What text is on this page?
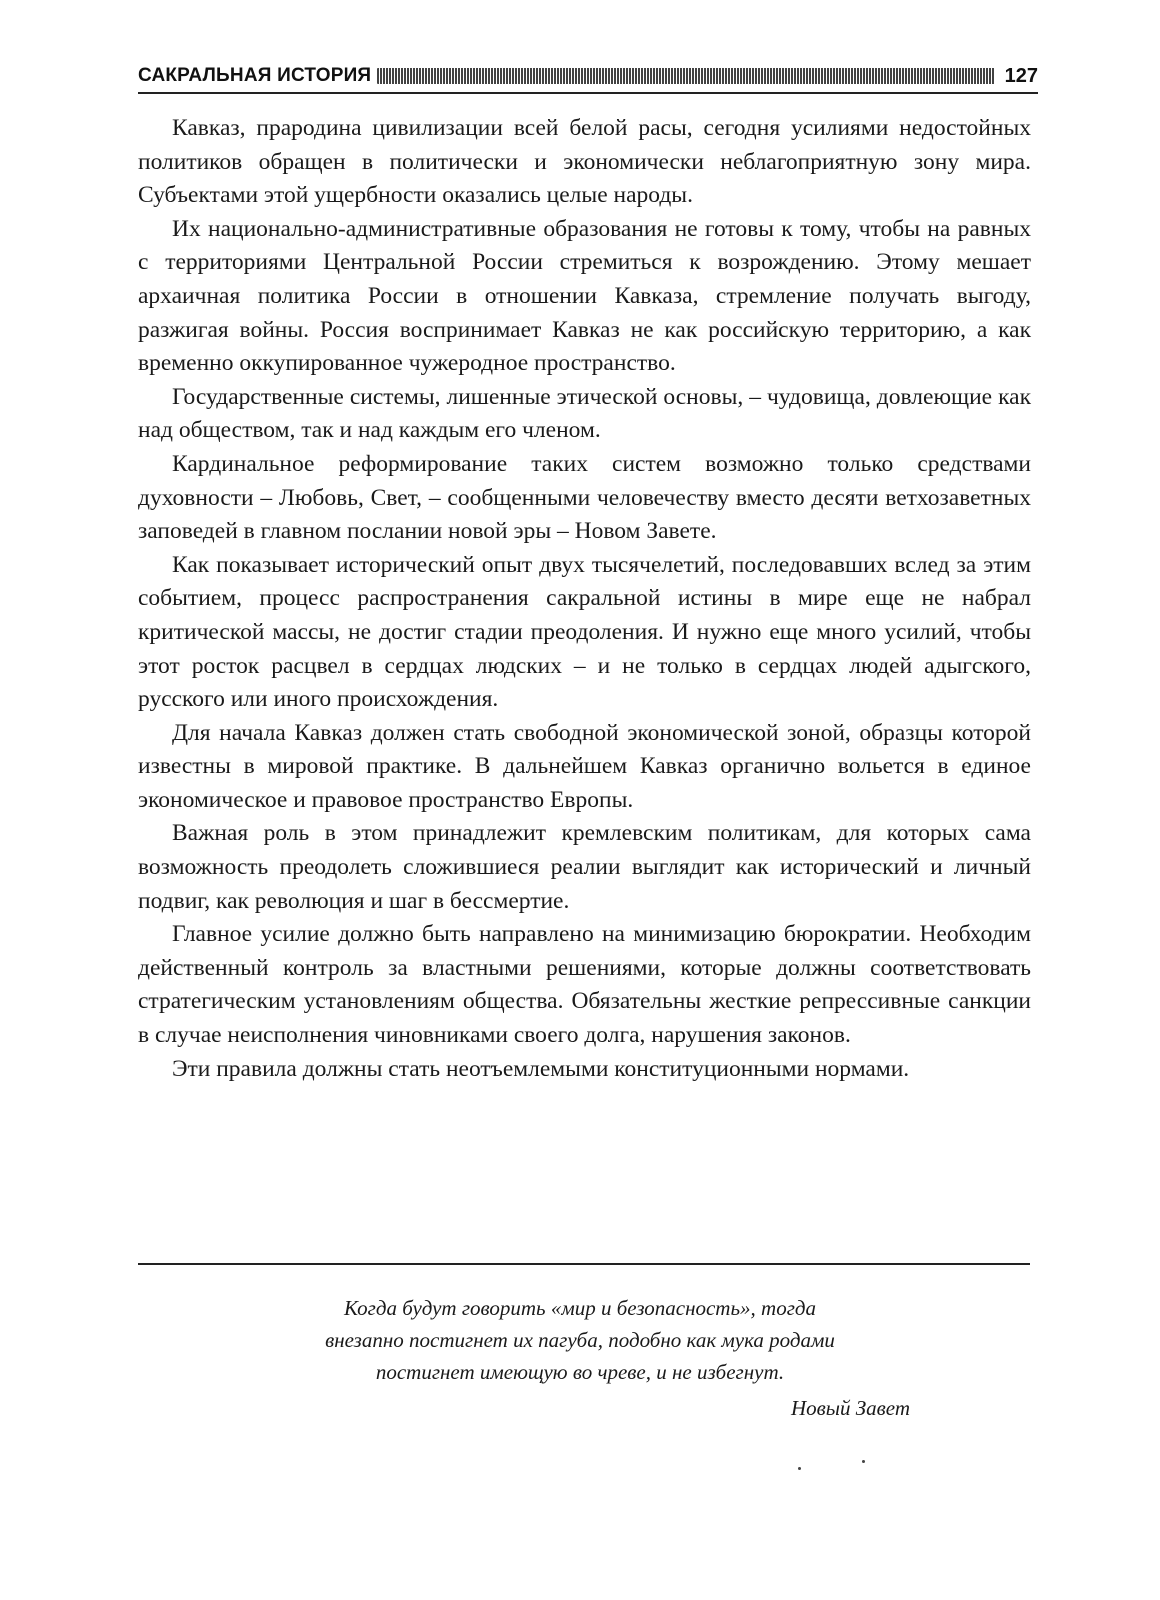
САКРАЛЬНАЯ ИСТОРИЯ	127

Кавказ, прародина цивилизации всей белой расы, сегодня усилиями недостойных политиков обращен в политически и экономически неблагоприятную зону мира. Субъектами этой ущербности оказались целые народы.

Их национально-административные образования не готовы к тому, чтобы на равных с территориями Центральной России стремиться к возрождению. Этому мешает архаичная политика России в отношении Кавказа, стремление получать выгоду, разжигая войны. Россия воспринимает Кавказ не как российскую территорию, а как временно оккупированное чужеродное пространство.

Государственные системы, лишенные этической основы, – чудовища, довлеющие как над обществом, так и над каждым его членом.

Кардинальное реформирование таких систем возможно только средствами духовности – Любовь, Свет, – сообщенными человечеству вместо десяти ветхозаветных заповедей в главном послании новой эры – Новом Завете.

Как показывает исторический опыт двух тысячелетий, последовавших вслед за этим событием, процесс распространения сакральной истины в мире еще не набрал критической массы, не достиг стадии преодоления. И нужно еще много усилий, чтобы этот росток расцвел в сердцах людских – и не только в сердцах людей адыгского, русского или иного происхождения.

Для начала Кавказ должен стать свободной экономической зоной, образцы которой известны в мировой практике. В дальнейшем Кавказ органично вольется в единое экономическое и правовое пространство Европы.

Важная роль в этом принадлежит кремлевским политикам, для которых сама возможность преодолеть сложившиеся реалии выглядит как исторический и личный подвиг, как революция и шаг в бессмертие.

Главное усилие должно быть направлено на минимизацию бюрократии. Необходим действенный контроль за властными решениями, которые должны соответствовать стратегическим установлениям общества. Обязательны жесткие репрессивные санкции в случае неисполнения чиновниками своего долга, нарушения законов.

Эти правила должны стать неотъемлемыми конституционными нормами.

Когда будут говорить «мир и безопасность», тогда
внезапно постигнет их пагуба, подобно как мука родами
постигнет имеющую во чреве, и не избегнут.
Новый Завет
